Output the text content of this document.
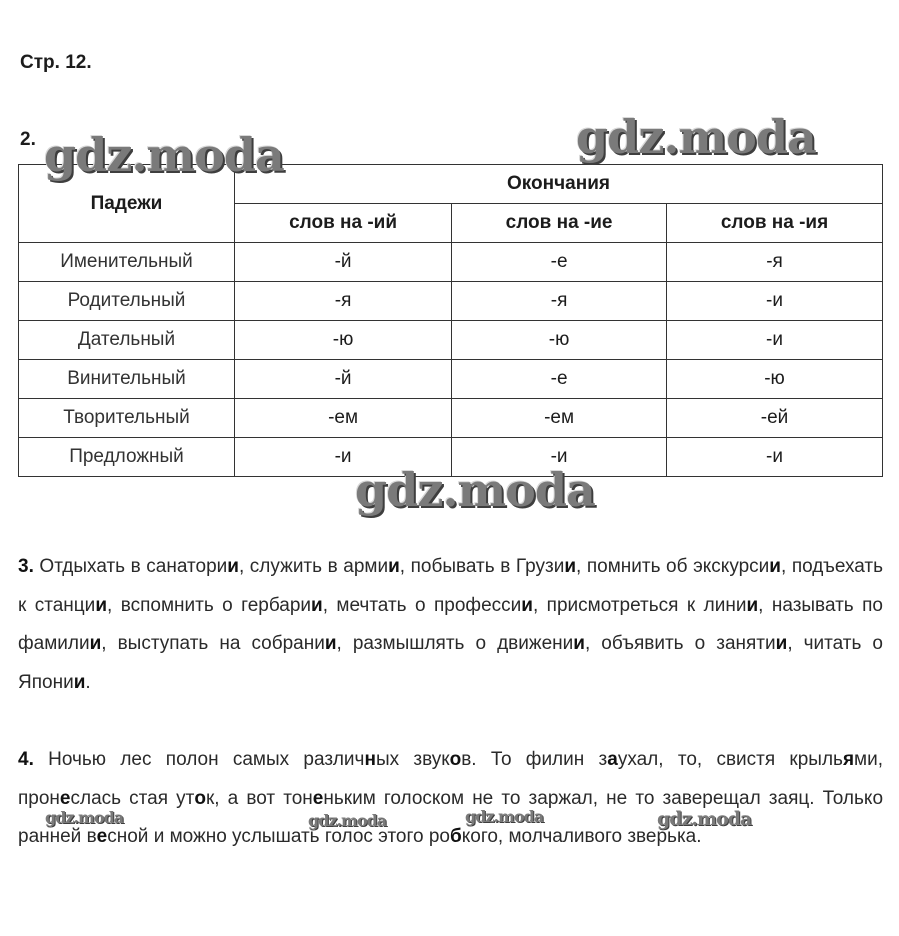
Стр. 12.
2.
Падежи	Окончания		
	слов на -ий	слов на -ие	слов на -ия
Именительный	-й	-е	-я
Родительный	-я	-я	-и
Дательный	-ю	-ю	-и
Винительный	-й	-е	-ю
Творительный	-ем	-ем	-ей
Предложный	-и	-и	-и

3. Отдыхать в санатории, служить в армии, побывать в Грузии, помнить об экскурсии, подъехать к станции, вспомнить о гербарии, мечтать о профессии, присмотреться к линии, называть по фамилии, выступать на собрании, размышлять о движении, объявить о занятии, читать о Японии.

4. Ночью лес полон самых различных звуков. То филин заухал, то, свистя крыльями, пронеслась стая уток, а вот тоненьким голоском не то заржал, не то заверещал заяц. Только ранней весной и можно услышать голос этого робкого, молчаливого зверька.

gdz.moda	gdz.moda
gdz.moda
gdz.moda	gdz.moda	gdz.moda	gdz.moda
